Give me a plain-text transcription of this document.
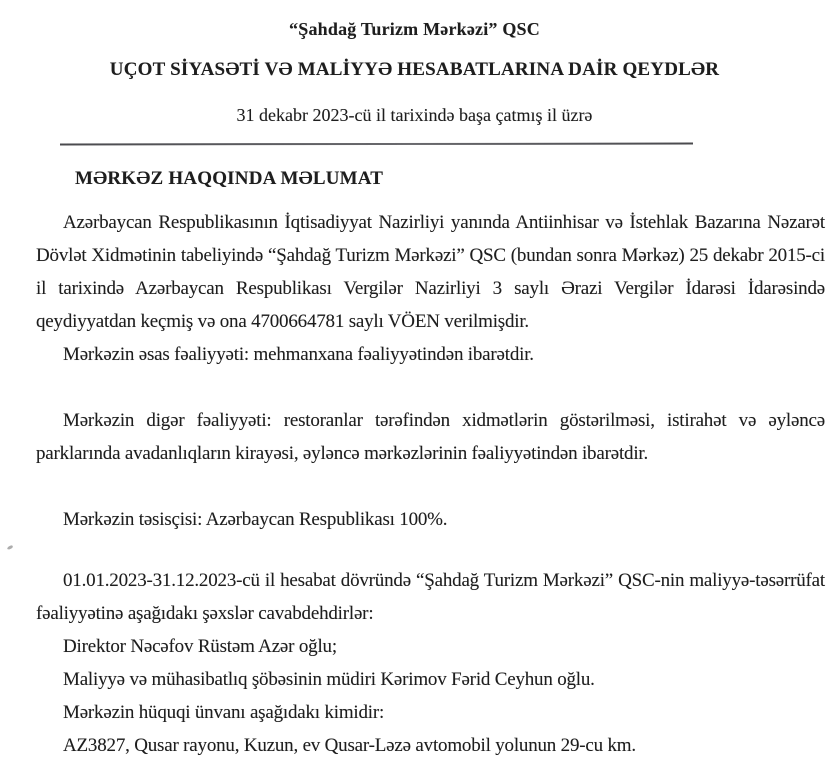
“Şahdağ Turizm Mərkəzi” QSC
UÇOT SİYASƏTİ VƏ MALİYYƏ HESABATLARINA DAİR QEYDLƏR
31 dekabr 2023-cü il tarixində başa çatmış il üzrə
MƏRKƏZ HAQQINDA MƏLUMAT

Azərbaycan Respublikasının İqtisadiyyat Nazirliyi yanında Antiinhisar və İstehlak Bazarına Nəzarət Dövlət Xidmətinin tabeliyində “Şahdağ Turizm Mərkəzi” QSC (bundan sonra Mərkəz) 25 dekabr 2015-ci il tarixində Azərbaycan Respublikası Vergilər Nazirliyi 3 saylı Ərazi Vergilər İdarəsi İdarəsində qeydiyyatdan keçmiş və ona 4700664781 saylı VÖEN verilmişdir.

Mərkəzin əsas fəaliyyəti: mehmanxana fəaliyyətindən ibarətdir.

Mərkəzin digər fəaliyyəti: restoranlar tərəfindən xidmətlərin göstərilməsi, istirahət və əyləncə parklarında avadanlıqların kirayəsi, əyləncə mərkəzlərinin fəaliyyətindən ibarətdir.

Mərkəzin təsisçisi: Azərbaycan Respublikası 100%.

01.01.2023-31.12.2023-cü il hesabat dövründə “Şahdağ Turizm Mərkəzi” QSC-nin maliyyə-təsərrüfat fəaliyyətinə aşağıdakı şəxslər cavabdehdirlər:

Direktor Nəcəfov Rüstəm Azər oğlu;

Maliyyə və mühasibatlıq şöbəsinin müdiri Kərimov Fərid Ceyhun oğlu.

Mərkəzin hüquqi ünvanı aşağıdakı kimidir:

AZ3827, Qusar rayonu, Kuzun, ev Qusar-Ləzə avtomobil yolunun 29-cu km.
